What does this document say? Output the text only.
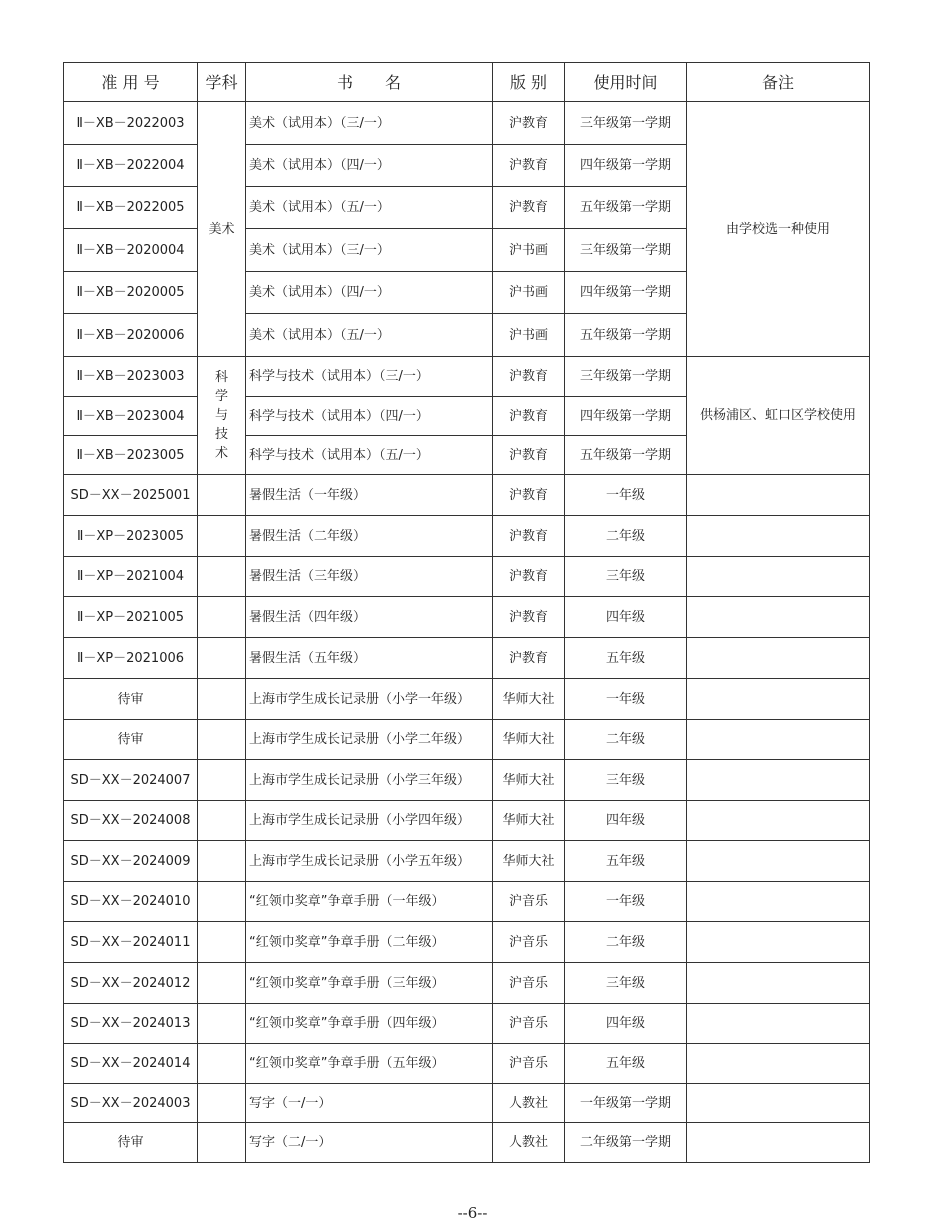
准 用 号	学科	书　　名	版 别	使用时间	备注
Ⅱ－XB－2022003	美术	美术（试用本）（三/一）	沪教育	三年级第一学期	由学校选一种使用
Ⅱ－XB－2022004		美术（试用本）（四/一）	沪教育	四年级第一学期	
Ⅱ－XB－2022005		美术（试用本）（五/一）	沪教育	五年级第一学期	
Ⅱ－XB－2020004		美术（试用本）（三/一）	沪书画	三年级第一学期	
Ⅱ－XB－2020005		美术（试用本）（四/一）	沪书画	四年级第一学期	
Ⅱ－XB－2020006		美术（试用本）（五/一）	沪书画	五年级第一学期	
Ⅱ－XB－2023003	科学与技术	科学与技术（试用本）（三/一）	沪教育	三年级第一学期	供杨浦区、虹口区学校使用
Ⅱ－XB－2023004		科学与技术（试用本）（四/一）	沪教育	四年级第一学期	
Ⅱ－XB－2023005		科学与技术（试用本）（五/一）	沪教育	五年级第一学期	
SD－XX－2025001		暑假生活（一年级）	沪教育	一年级	
Ⅱ－XP－2023005		暑假生活（二年级）	沪教育	二年级	
Ⅱ－XP－2021004		暑假生活（三年级）	沪教育	三年级	
Ⅱ－XP－2021005		暑假生活（四年级）	沪教育	四年级	
Ⅱ－XP－2021006		暑假生活（五年级）	沪教育	五年级	
待审		上海市学生成长记录册（小学一年级）	华师大社	一年级	
待审		上海市学生成长记录册（小学二年级）	华师大社	二年级	
SD－XX－2024007		上海市学生成长记录册（小学三年级）	华师大社	三年级	
SD－XX－2024008		上海市学生成长记录册（小学四年级）	华师大社	四年级	
SD－XX－2024009		上海市学生成长记录册（小学五年级）	华师大社	五年级	
SD－XX－2024010		“红领巾奖章”争章手册（一年级）	沪音乐	一年级	
SD－XX－2024011		“红领巾奖章”争章手册（二年级）	沪音乐	二年级	
SD－XX－2024012		“红领巾奖章”争章手册（三年级）	沪音乐	三年级	
SD－XX－2024013		“红领巾奖章”争章手册（四年级）	沪音乐	四年级	
SD－XX－2024014		“红领巾奖章”争章手册（五年级）	沪音乐	五年级	
SD－XX－2024003		写字（一/一）	人教社	一年级第一学期	
待审		写字（二/一）	人教社	二年级第一学期	
--6--
